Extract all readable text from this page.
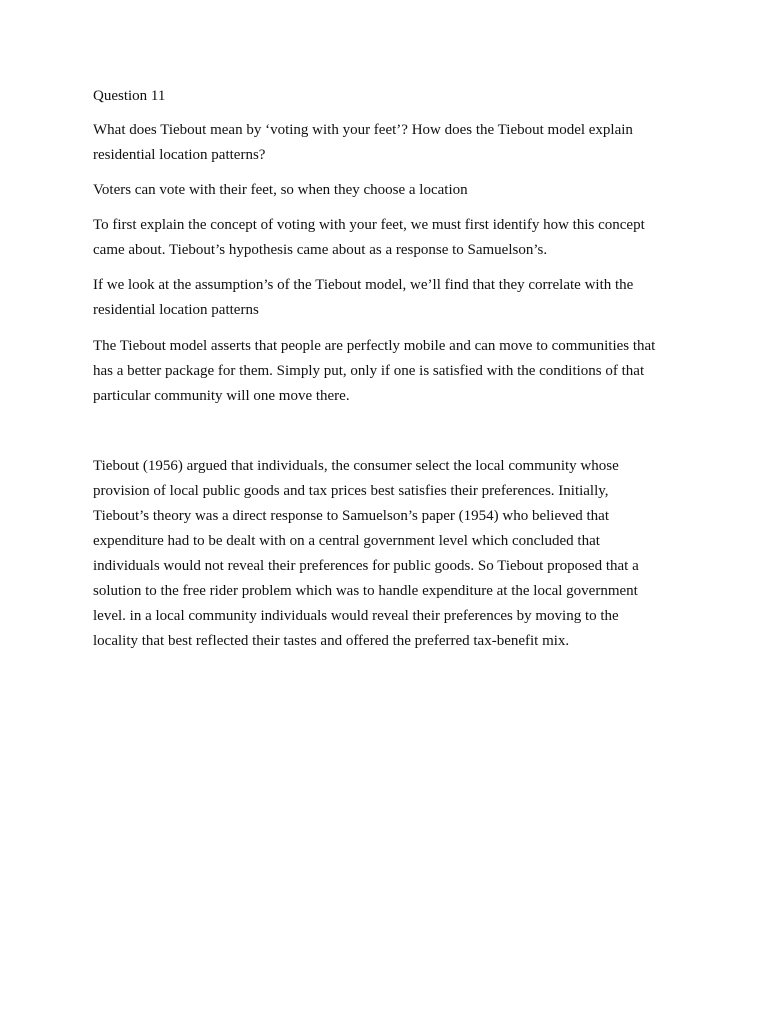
Question 11
What does Tiebout mean by ‘voting with your feet’? How does the Tiebout model explain
residential location patterns?
Voters can vote with their feet, so when they choose a location
To first explain the concept of voting with your feet, we must first identify how this concept
came about. Tiebout’s hypothesis came about as a response to Samuelson’s.
If we look at the assumption’s of the Tiebout model, we’ll find that they correlate with the
residential location patterns
The Tiebout model asserts that people are perfectly mobile and can move to communities that
has a better package for them. Simply put, only if one is satisfied with the conditions of that
particular community will one move there.
Tiebout (1956) argued that individuals, the consumer select the local community whose
provision of local public goods and tax prices best satisfies their preferences. Initially,
Tiebout’s theory was a direct response to Samuelson’s paper (1954) who believed that
expenditure had to be dealt with on a central government level which concluded that
individuals would not reveal their preferences for public goods. So Tiebout proposed that a
solution to the free rider problem which was to handle expenditure at the local government
level. in a local community individuals would reveal their preferences by moving to the
locality that best reflected their tastes and offered the preferred tax-benefit mix.
